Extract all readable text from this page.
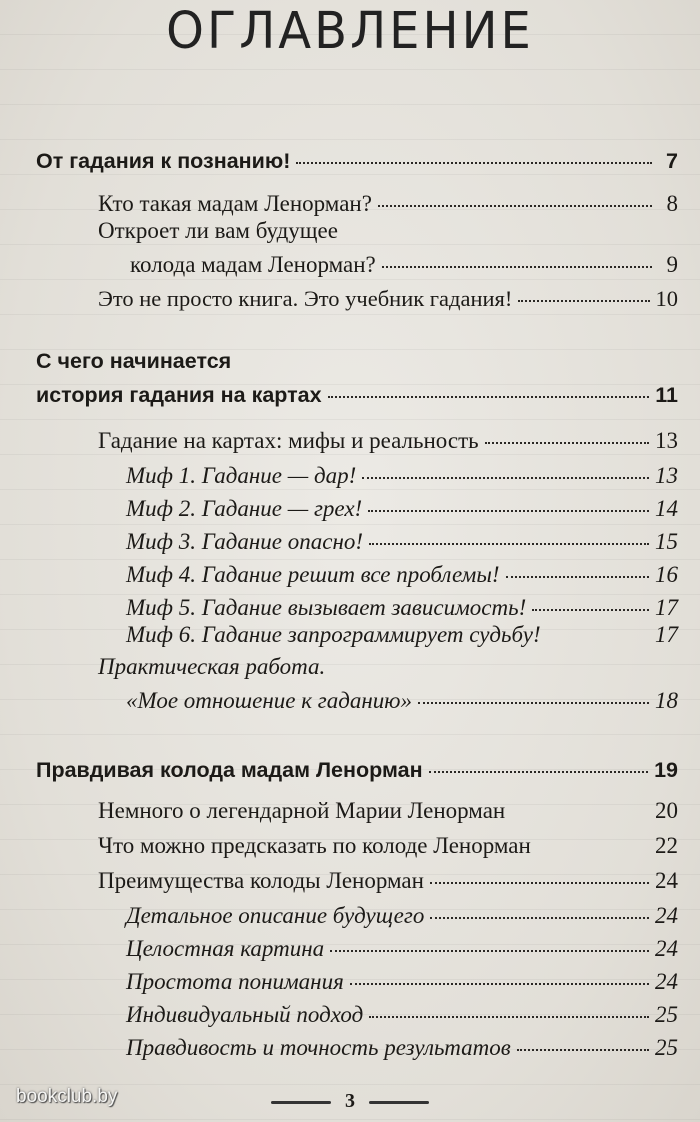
ОГЛАВЛЕНИЕ
От гадания к познанию!	7
Кто такая мадам Ленорман?	8
Откроет ли вам будущее
колода мадам Ленорман?	9
Это не просто книга. Это учебник гадания!	10
С чего начинается
история гадания на картах	11
Гадание на картах: мифы и реальность	13
Миф 1. Гадание — дар!	13
Миф 2. Гадание — грех!	14
Миф 3. Гадание опасно!	15
Миф 4. Гадание решит все проблемы!	16
Миф 5. Гадание вызывает зависимость!	17
Миф 6. Гадание запрограммирует судьбу!	17
Практическая работа.
«Мое отношение к гаданию»	18
Правдивая колода мадам Ленорман	19
Немного о легендарной Марии Ленорман	20
Что можно предсказать по колоде Ленорман	22
Преимущества колоды Ленорман	24
Детальное описание будущего	24
Целостная картина	24
Простота понимания	24
Индивидуальный подход	25
Правдивость и точность результатов	25
3
bookclub.by
